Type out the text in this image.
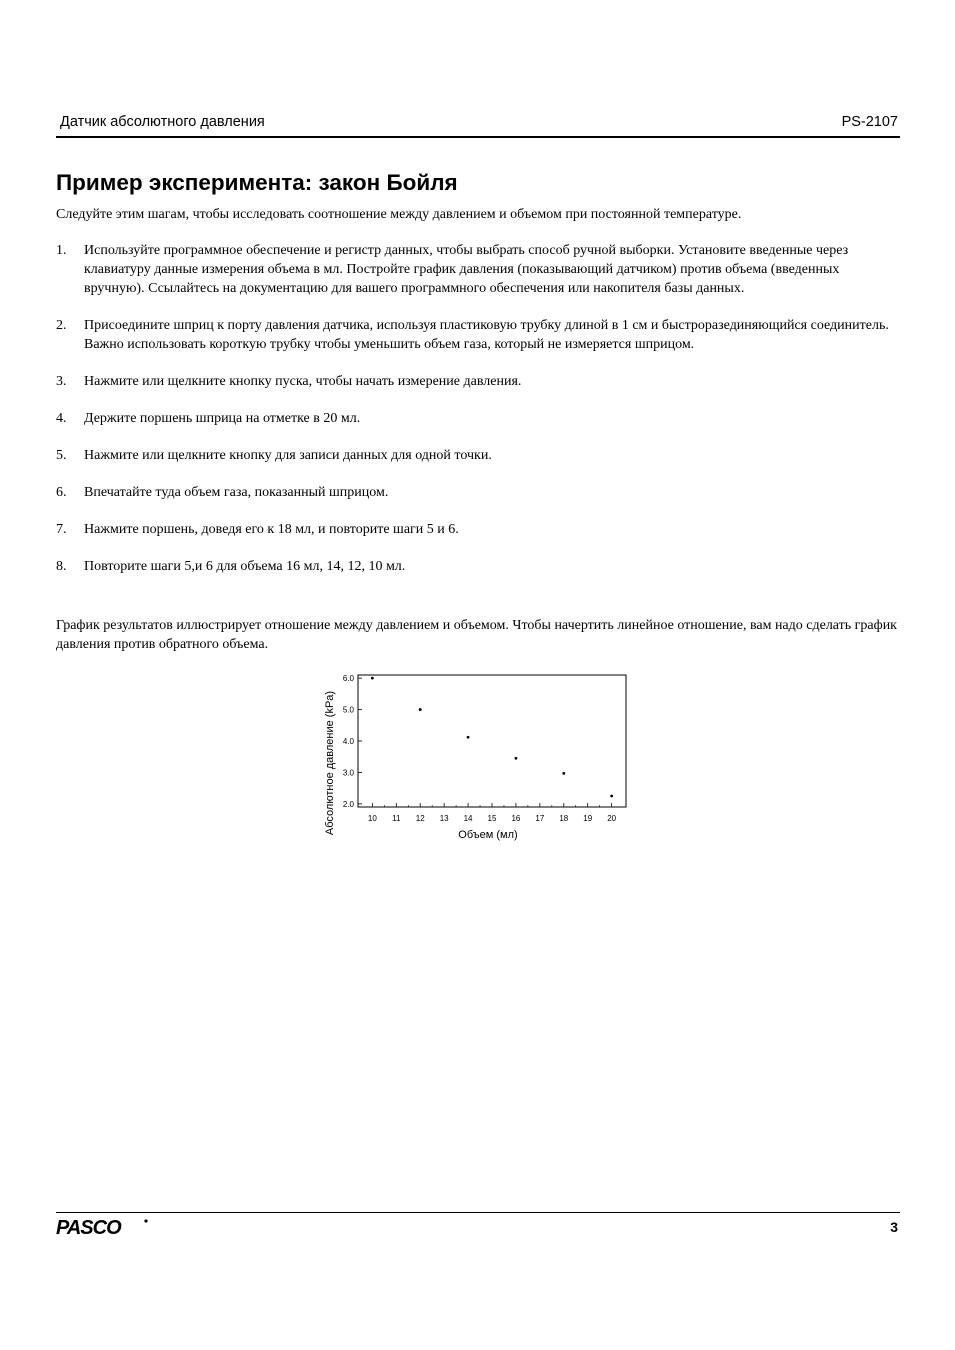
Датчик абсолютного давления	PS-2107
Пример эксперимента: закон Бойля
Следуйте этим шагам, чтобы исследовать соотношение между давлением и объемом при постоянной температуре.
1.	Используйте программное обеспечение и регистр данных, чтобы выбрать способ ручной выборки. Установите введенные через клавиатуру данные измерения объема в мл. Постройте график давления (показывающий датчиком) против объема (введенных вручную). Ссылайтесь на документацию для вашего программного обеспечения или накопителя базы данных.
2.	Присоедините шприц к порту давления датчика, используя пластиковую трубку длиной в 1 см и быстроразединяющийся соединитель. Важно использовать короткую трубку чтобы уменьшить объем газа, который не измеряется шприцом.
3.	Нажмите или щелкните кнопку пуска, чтобы начать измерение давления.
4.	Держите поршень шприца на отметке в 20 мл.
5.	Нажмите или щелкните кнопку для записи данных для одной точки.
6.	Впечатайте туда объем газа, показанный шприцом.
7.	Нажмите поршень, доведя его к 18 мл, и повторите шаги 5 и 6.
8.	Повторите шаги 5,и 6 для объема 16 мл, 14, 12, 10 мл.
График результатов иллюстрирует отношение между давлением и объемом. Чтобы начертить линейное отношение, вам надо сделать график давления против обратного объема.
2.0
3.0
4.0
5.0
6.0
10 11 12 13 14 15 16 17 18 19 20
Объем (мл)
Абсолютное давление (kPa)
PASCO	3
